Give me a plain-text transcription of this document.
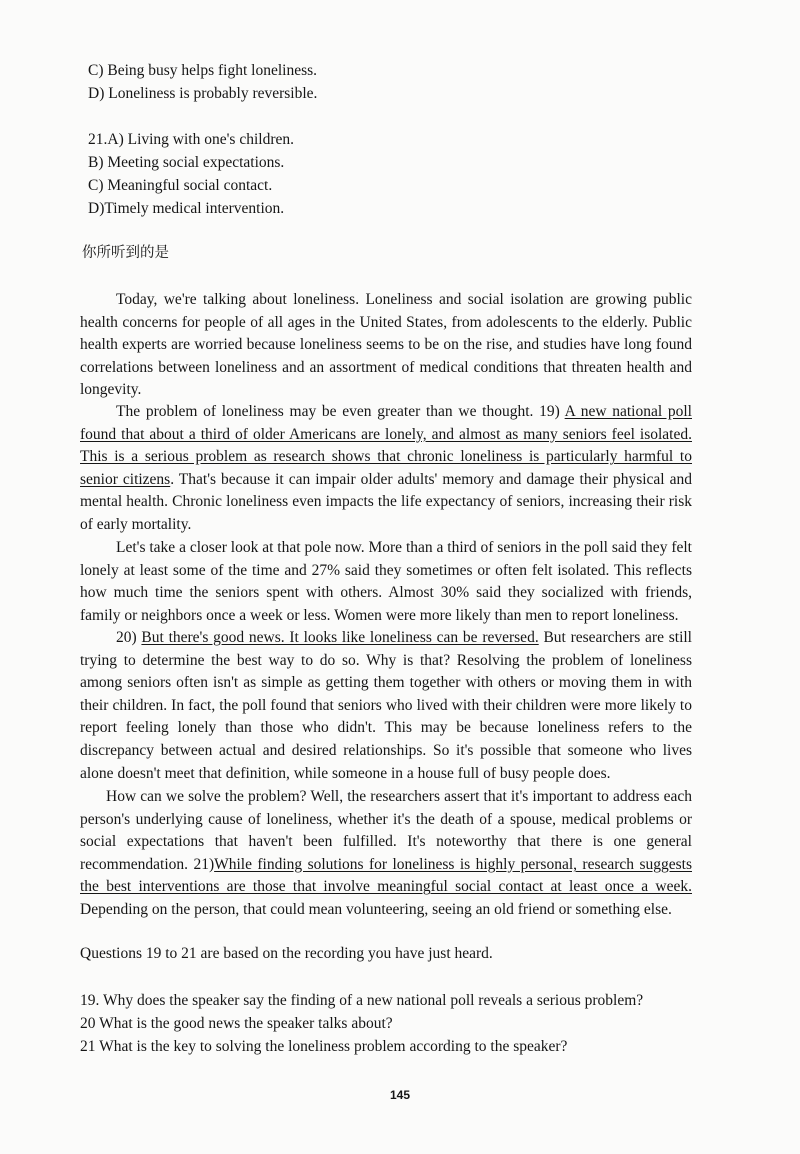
C) Being busy helps fight loneliness.
D) Loneliness is probably reversible.
21.A) Living with one's children.
B) Meeting social expectations.
C) Meaningful social contact.
D)Timely medical intervention.
你所听到的是
Today, we're talking about loneliness. Loneliness and social isolation are growing public health concerns for people of all ages in the United States, from adolescents to the elderly. Public health experts are worried because loneliness seems to be on the rise, and studies have long found correlations between loneliness and an assortment of medical conditions that threaten health and longevity.
The problem of loneliness may be even greater than we thought. 19) A new national poll found that about a third of older Americans are lonely, and almost as many seniors feel isolated. This is a serious problem as research shows that chronic loneliness is particularly harmful to senior citizens. That's because it can impair older adults' memory and damage their physical and mental health. Chronic loneliness even impacts the life expectancy of seniors, increasing their risk of early mortality.
Let's take a closer look at that pole now. More than a third of seniors in the poll said they felt lonely at least some of the time and 27% said they sometimes or often felt isolated. This reflects how much time the seniors spent with others. Almost 30% said they socialized with friends, family or neighbors once a week or less. Women were more likely than men to report loneliness.
20) But there's good news. It looks like loneliness can be reversed. But researchers are still trying to determine the best way to do so. Why is that? Resolving the problem of loneliness among seniors often isn't as simple as getting them together with others or moving them in with their children. In fact, the poll found that seniors who lived with their children were more likely to report feeling lonely than those who didn't. This may be because loneliness refers to the discrepancy between actual and desired relationships. So it's possible that someone who lives alone doesn't meet that definition, while someone in a house full of busy people does.
How can we solve the problem? Well, the researchers assert that it's important to address each person's underlying cause of loneliness, whether it's the death of a spouse, medical problems or social expectations that haven't been fulfilled. It's noteworthy that there is one general recommendation. 21)While finding solutions for loneliness is highly personal, research suggests the best interventions are those that involve meaningful social contact at least once a week. Depending on the person, that could mean volunteering, seeing an old friend or something else.
Questions 19 to 21 are based on the recording you have just heard.
19. Why does the speaker say the finding of a new national poll reveals a serious problem?
20 What is the good news the speaker talks about?
21 What is the key to solving the loneliness problem according to the speaker?
145
